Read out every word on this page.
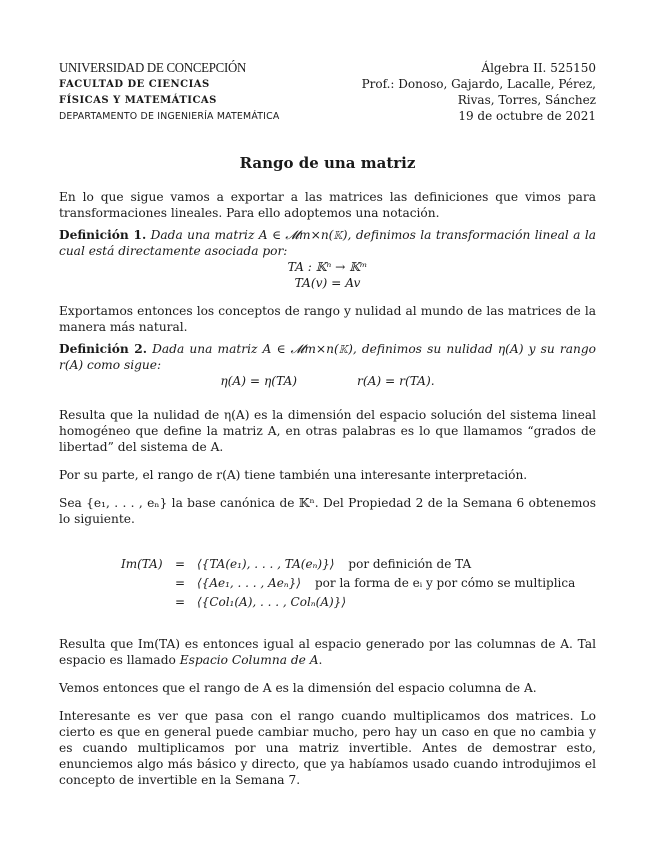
UNIVERSIDAD DE CONCEPCIÓN
FACULTAD DE CIENCIAS
FÍSICAS Y MATEMÁTICAS
DEPARTAMENTO DE INGENIERÍA MATEMÁTICA
Álgebra II. 525150
Prof.: Donoso, Gajardo, Lacalle, Pérez,
Rivas, Torres, Sánchez
19 de octubre de 2021
Rango de una matriz

En lo que sigue vamos a exportar a las matrices las definiciones que vimos para transformaciones lineales. Para ello adoptemos una notación.

Definición 1. Dada una matriz A ∈ 𝓜m×n(𝕂), definimos la transformación lineal a la cual está directamente asociada por:
TA : 𝕂ⁿ → 𝕂ᵐ
TA(v) = Av

Exportamos entonces los conceptos de rango y nulidad al mundo de las matrices de la manera más natural.

Definición 2. Dada una matriz A ∈ 𝓜m×n(𝕂), definimos su nulidad η(A) y su rango r(A) como sigue:
η(A) = η(TA)	r(A) = r(TA).

Resulta que la nulidad de η(A) es la dimensión del espacio solución del sistema lineal homogéneo que define la matriz A, en otras palabras es lo que llamamos “grados de libertad” del sistema de A.

Por su parte, el rango de r(A) tiene también una interesante interpretación.

Sea {e₁, . . . , eₙ} la base canónica de 𝕂ⁿ. Del Propiedad 2 de la Semana 6 obtenemos lo siguiente.

Im(TA)	= ⟨{TA(e₁), . . . , TA(eₙ)}⟩ por definición de TA
= ⟨{Ae₁, . . . , Aeₙ}⟩ por la forma de eᵢ y por cómo se multiplica
= ⟨{Col₁(A), . . . , Colₙ(A)}⟩

Resulta que Im(TA) es entonces igual al espacio generado por las columnas de A. Tal espacio es llamado Espacio Columna de A.

Vemos entonces que el rango de A es la dimensión del espacio columna de A.

Interesante es ver que pasa con el rango cuando multiplicamos dos matrices. Lo cierto es que en general puede cambiar mucho, pero hay un caso en que no cambia y es cuando multiplicamos por una matriz invertible. Antes de demostrar esto, enunciemos algo más básico y directo, que ya habíamos usado cuando introdujimos el concepto de invertible en la Semana 7.
